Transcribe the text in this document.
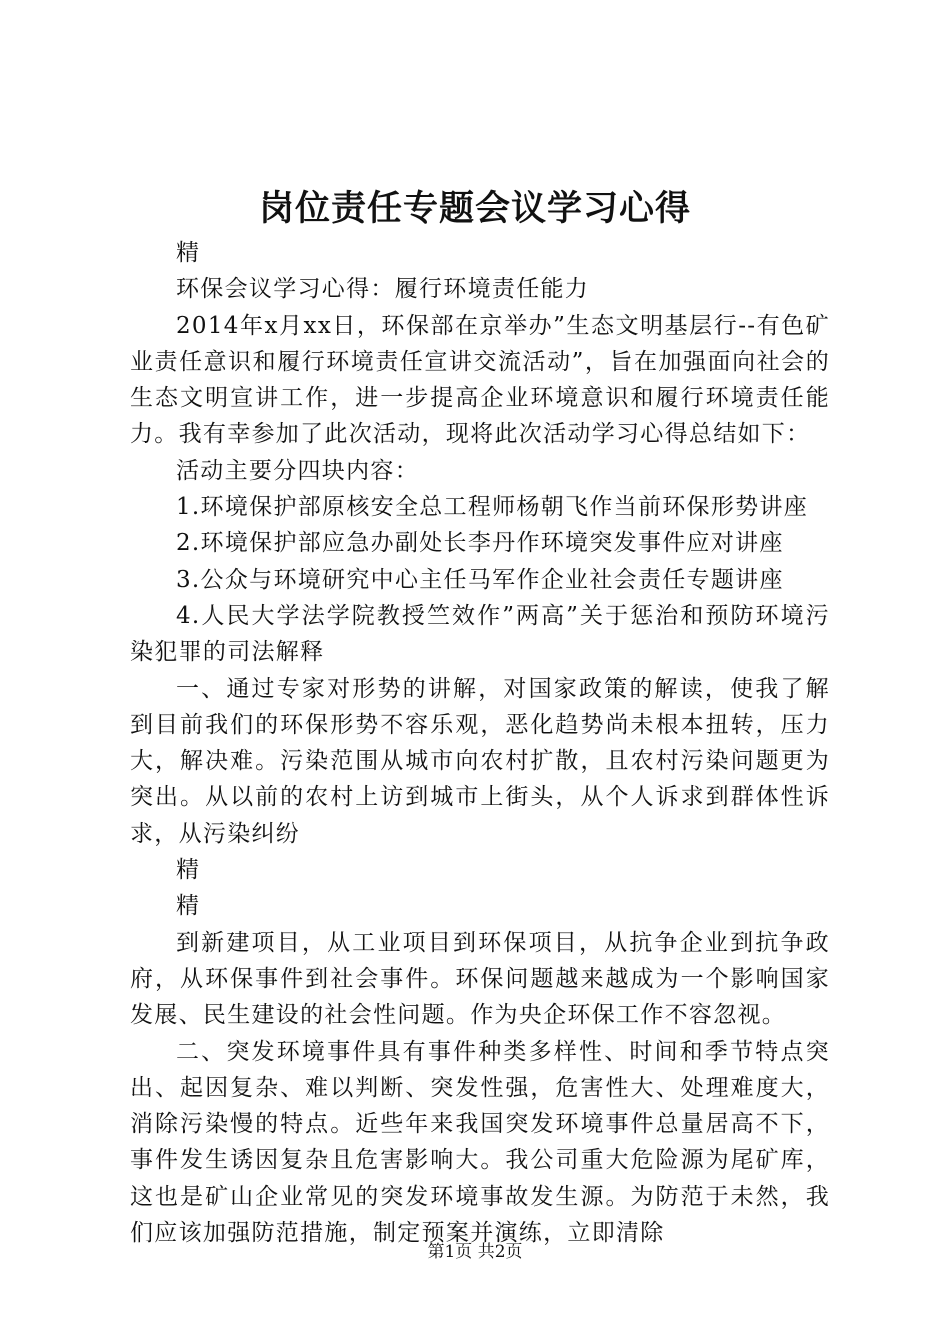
岗位责任专题会议学习心得

精

环保会议学习心得：履行环境责任能力

2014年x月xx日，环保部在京举办”生态文明基层行--有色矿业责任意识和履行环境责任宣讲交流活动”，旨在加强面向社会的生态文明宣讲工作，进一步提高企业环境意识和履行环境责任能力。我有幸参加了此次活动，现将此次活动学习心得总结如下：

活动主要分四块内容：

1.环境保护部原核安全总工程师杨朝飞作当前环保形势讲座

2.环境保护部应急办副处长李丹作环境突发事件应对讲座

3.公众与环境研究中心主任马军作企业社会责任专题讲座

4.人民大学法学院教授竺效作”两高”关于惩治和预防环境污染犯罪的司法解释

一、通过专家对形势的讲解，对国家政策的解读，使我了解到目前我们的环保形势不容乐观，恶化趋势尚未根本扭转，压力大，解决难。污染范围从城市向农村扩散，且农村污染问题更为突出。从以前的农村上访到城市上街头，从个人诉求到群体性诉求，从污染纠纷

精

精

到新建项目，从工业项目到环保项目，从抗争企业到抗争政府，从环保事件到社会事件。环保问题越来越成为一个影响国家发展、民生建设的社会性问题。作为央企环保工作不容忽视。

二、突发环境事件具有事件种类多样性、时间和季节特点突出、起因复杂、难以判断、突发性强，危害性大、处理难度大，消除污染慢的特点。近些年来我国突发环境事件总量居高不下，事件发生诱因复杂且危害影响大。我公司重大危险源为尾矿库，这也是矿山企业常见的突发环境事故发生源。为防范于未然，我们应该加强防范措施，制定预案并演练，立即清除

第1页 共2页
